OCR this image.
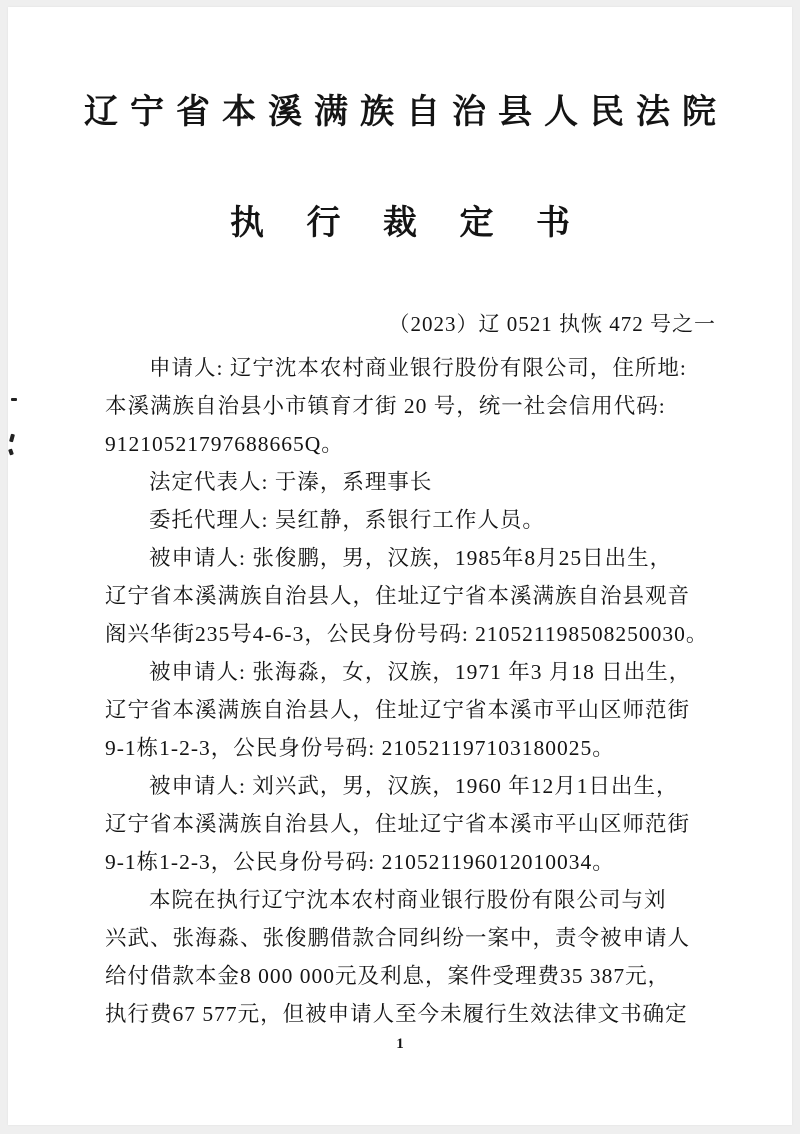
辽宁省本溪满族自治县人民法院
执 行 裁 定 书
（2023）辽 0521 执恢 472 号之一
申请人: 辽宁沈本农村商业银行股份有限公司，住所地:
本溪满族自治县小市镇育才街 20 号，统一社会信用代码:
91210521797688665Q。
法定代表人: 于溱，系理事长
委托代理人: 吴红静，系银行工作人员。
被申请人: 张俊鹏，男，汉族，1985年8月25日出生，
辽宁省本溪满族自治县人，住址辽宁省本溪满族自治县观音
阁兴华街235号4-6-3，公民身份号码: 210521198508250030。
被申请人: 张海淼，女，汉族，1971 年3 月18 日出生，
辽宁省本溪满族自治县人，住址辽宁省本溪市平山区师范街
9-1栋1-2-3，公民身份号码: 210521197103180025。
被申请人: 刘兴武，男，汉族，1960 年12月1日出生，
辽宁省本溪满族自治县人，住址辽宁省本溪市平山区师范街
9-1栋1-2-3，公民身份号码: 210521196012010034。
本院在执行辽宁沈本农村商业银行股份有限公司与刘
兴武、张海淼、张俊鹏借款合同纠纷一案中，责令被申请人
给付借款本金8 000 000元及利息，案件受理费35 387元，
执行费67 577元，但被申请人至今未履行生效法律文书确定
1
